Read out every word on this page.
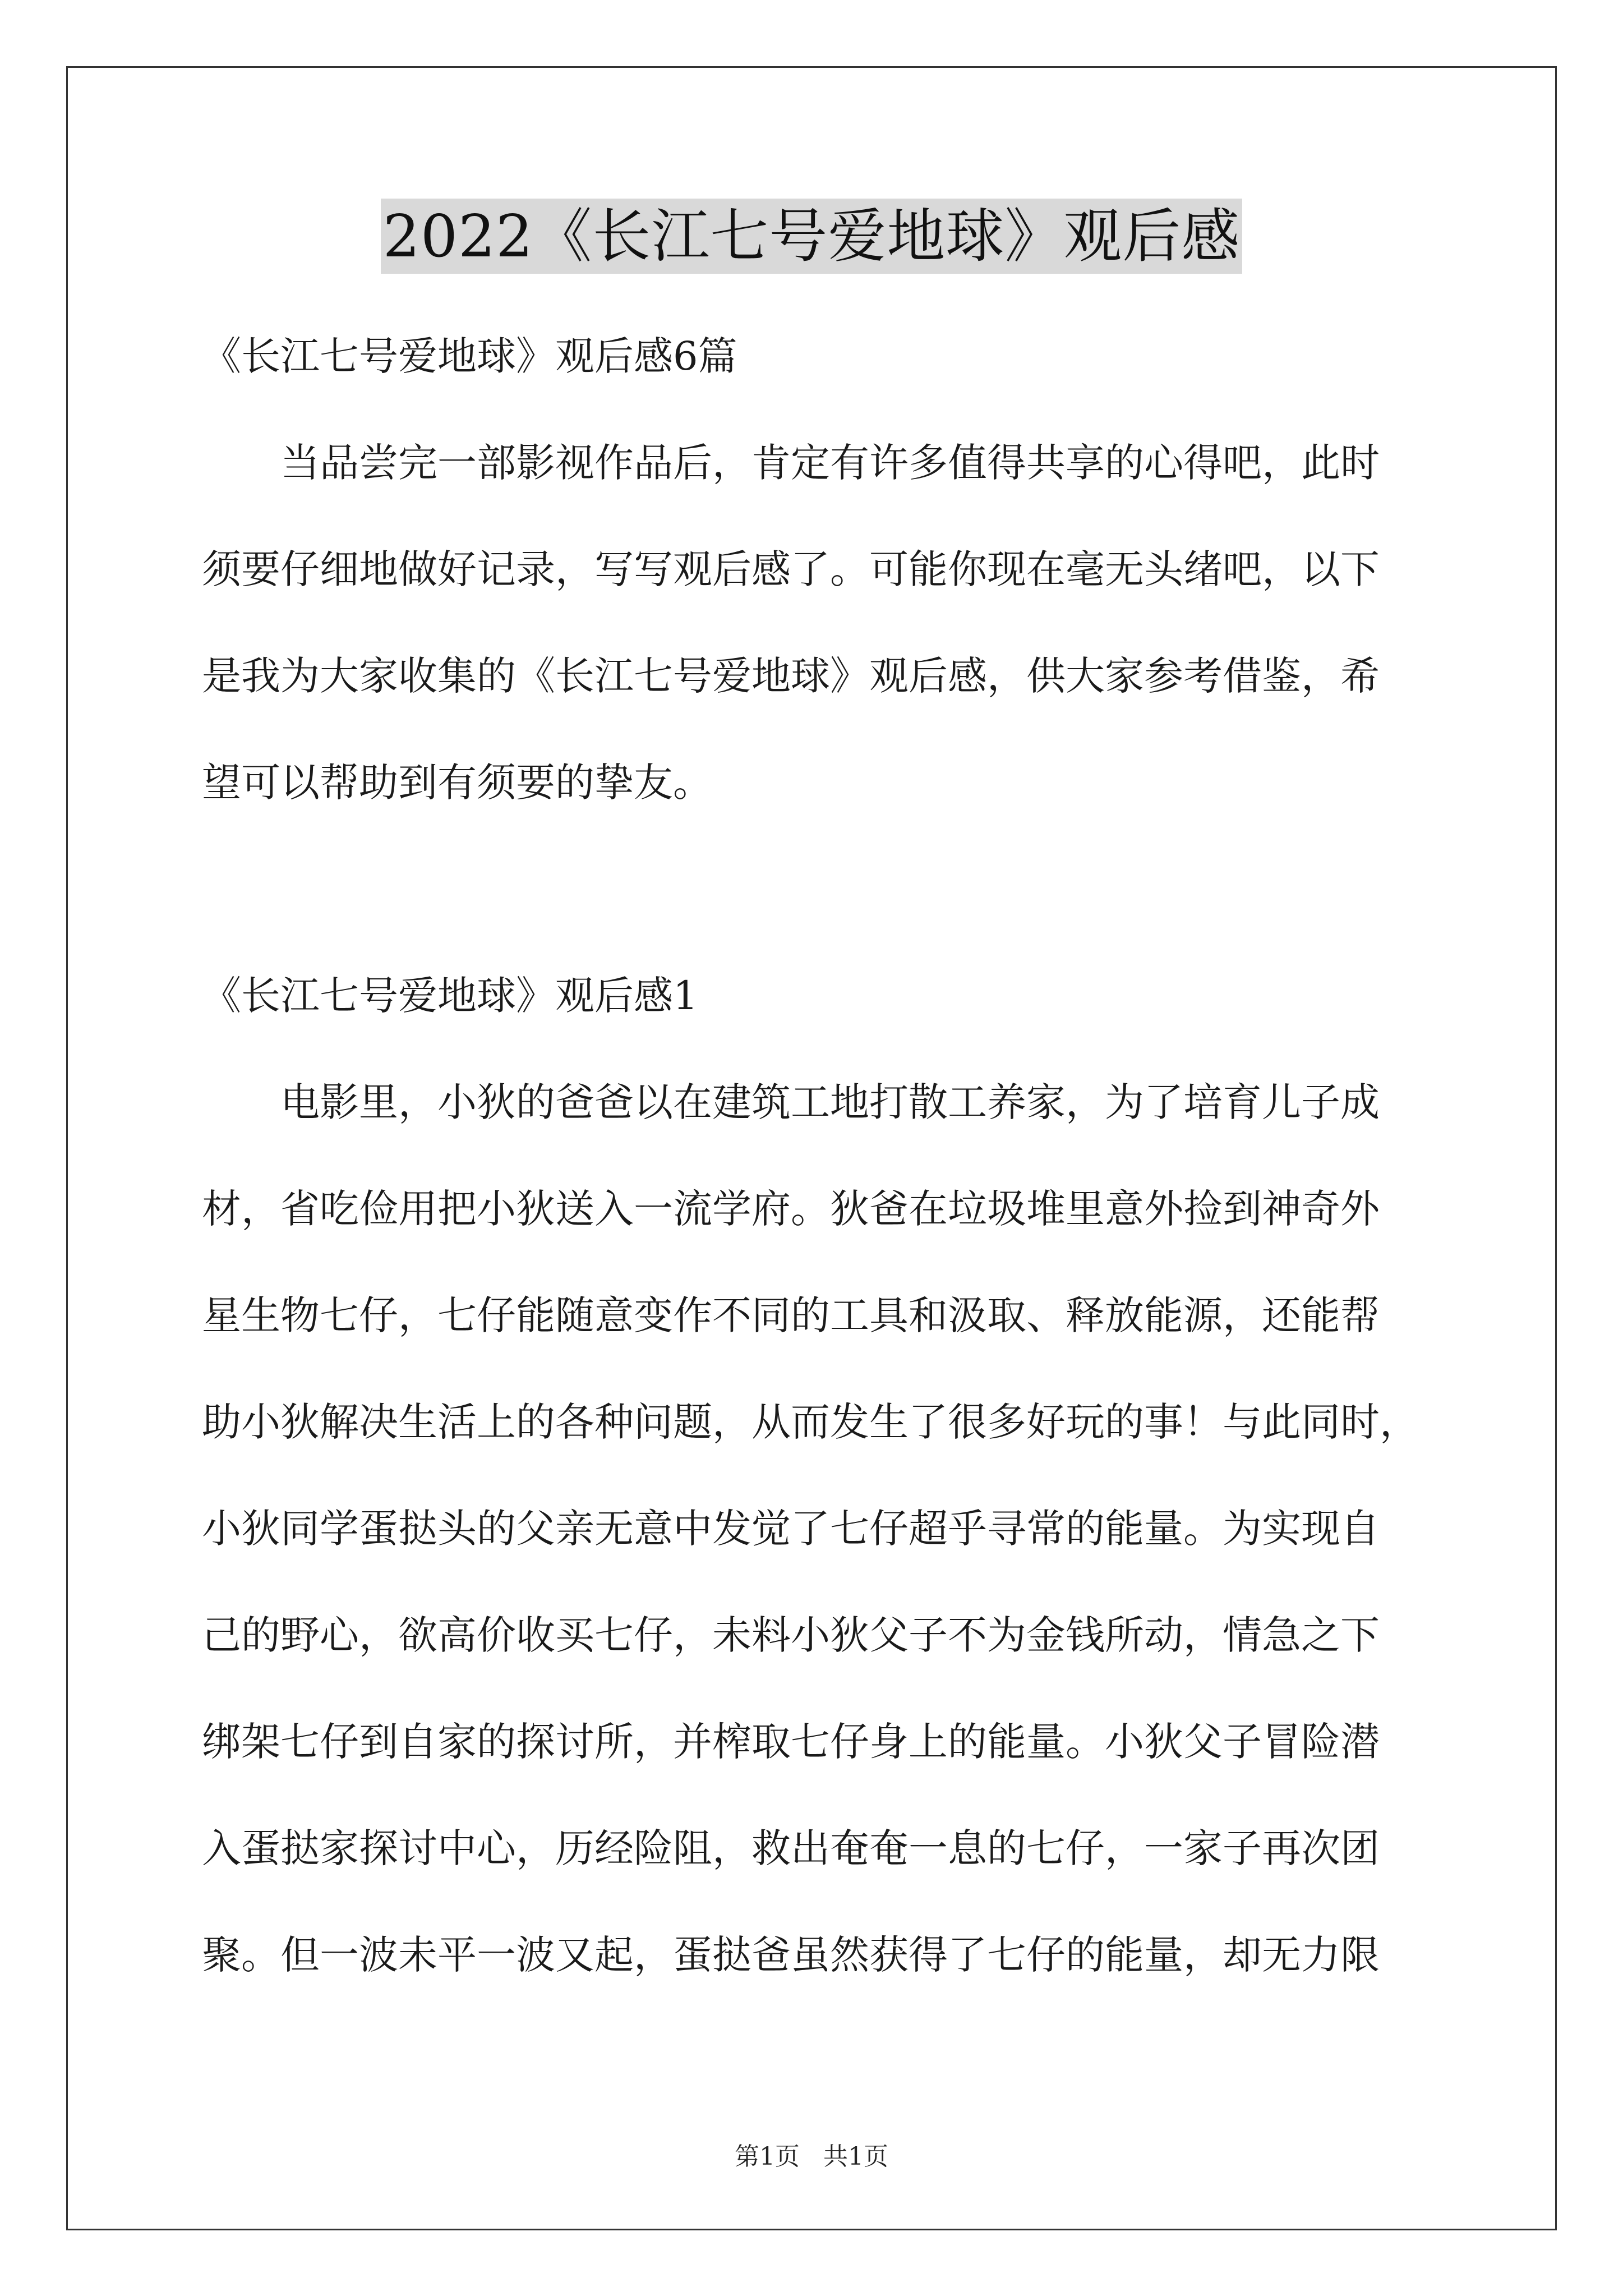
2022《长江七号爱地球》观后感
《长江七号爱地球》观后感6篇
当品尝完一部影视作品后，肯定有许多值得共享的心得吧，此时
须要仔细地做好记录，写写观后感了。可能你现在毫无头绪吧，以下
是我为大家收集的《长江七号爱地球》观后感，供大家参考借鉴，希
望可以帮助到有须要的挚友。
《长江七号爱地球》观后感1
电影里，小狄的爸爸以在建筑工地打散工养家，为了培育儿子成
材，省吃俭用把小狄送入一流学府。狄爸在垃圾堆里意外捡到神奇外
星生物七仔，七仔能随意变作不同的工具和汲取、释放能源，还能帮
助小狄解决生活上的各种问题，从而发生了很多好玩的事！与此同时，
小狄同学蛋挞头的父亲无意中发觉了七仔超乎寻常的能量。为实现自
己的野心，欲高价收买七仔，未料小狄父子不为金钱所动，情急之下
绑架七仔到自家的探讨所，并榨取七仔身上的能量。小狄父子冒险潜
入蛋挞家探讨中心，历经险阻，救出奄奄一息的七仔，一家子再次团
聚。但一波未平一波又起，蛋挞爸虽然获得了七仔的能量，却无力限
第1页 共1页
